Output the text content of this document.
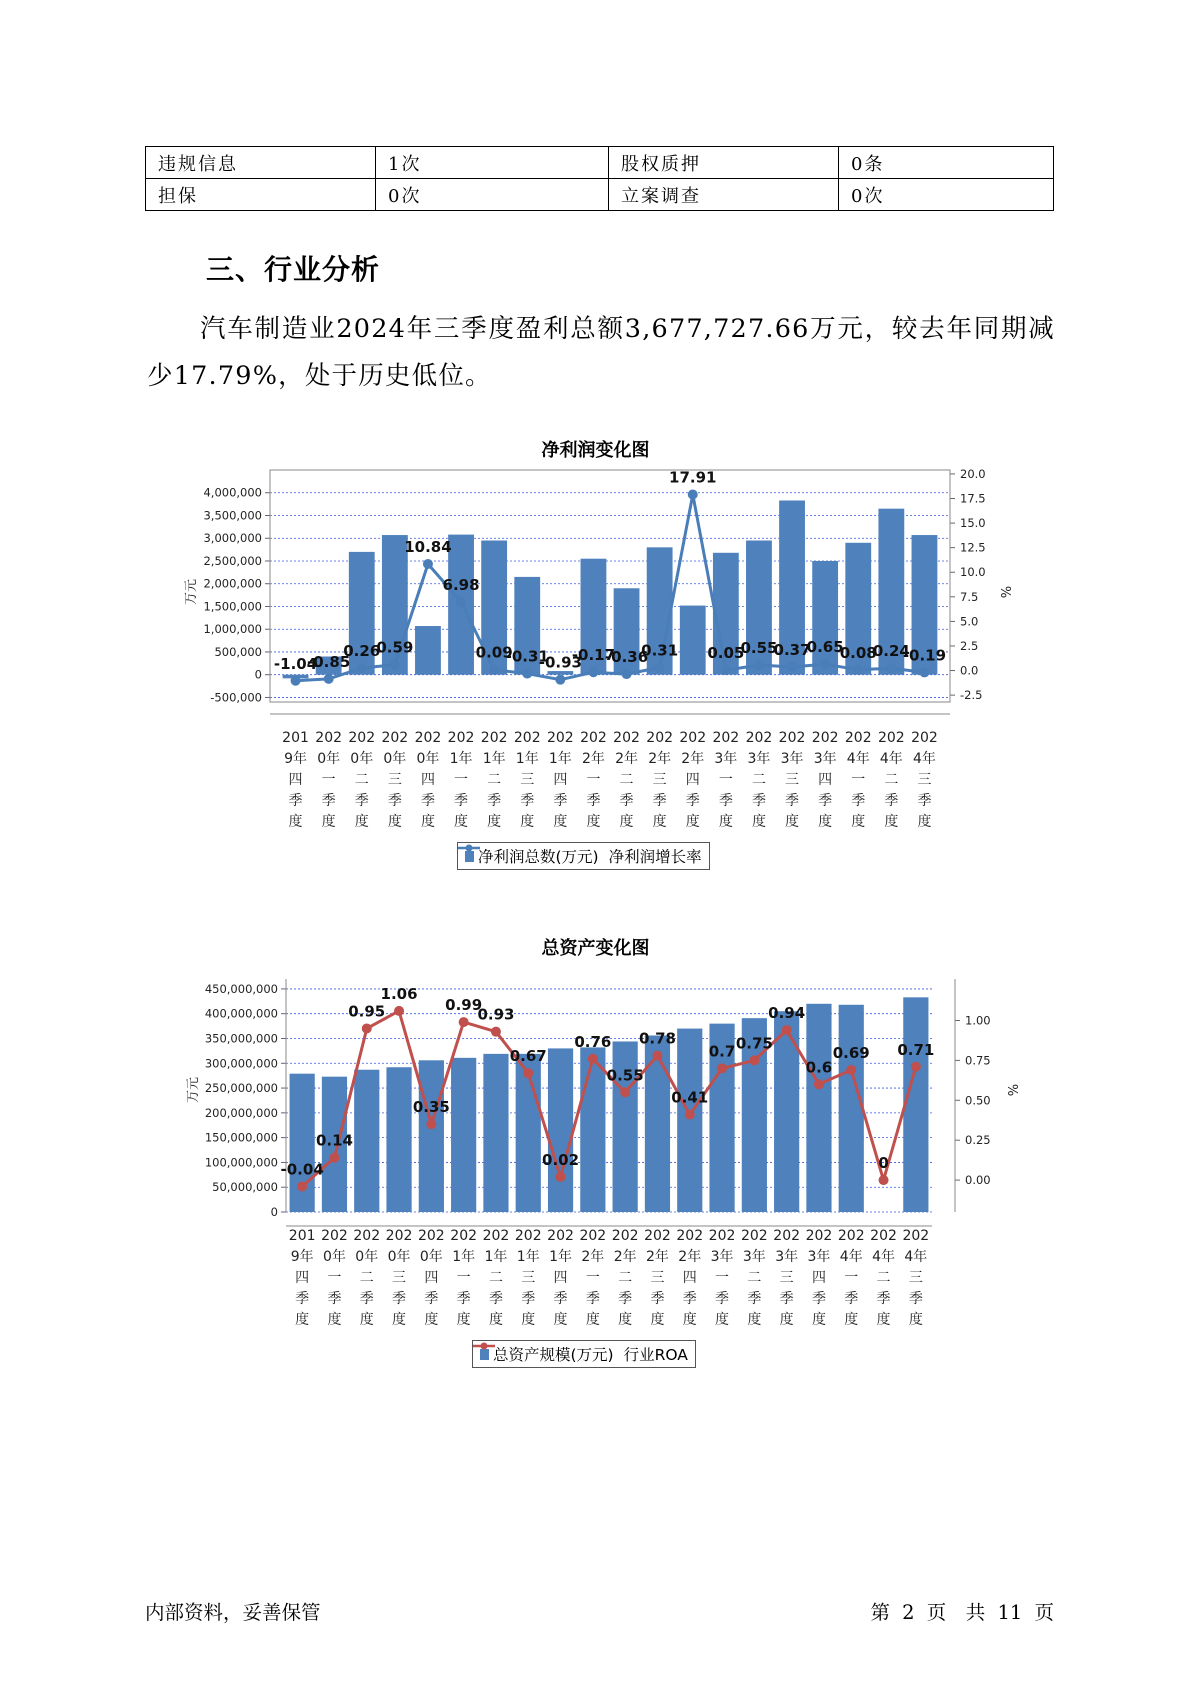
违规信息	1次	股权质押	0条
担保	0次	立案调查	0次
三、行业分析

汽车制造业2024年三季度盈利总额3,677,727.66万元，较去年同期减少17.79%，处于历史低位。

净利润变化图
-500,000
0
500,000
1,000,000
1,500,000
2,000,000
2,500,000
3,000,000
3,500,000
4,000,000
-2.5
0.0
2.5
5.0
7.5
10.0
12.5
15.0
17.5
20.0
万元	%
-1.04
-0.85
0.26
0.59
10.84
6.98
0.09
-0.31
-0.93
-0.17
-0.36
0.31
17.91
0.05
0.55
0.37
0.65
0.08
0.24
-0.19
201
9年
四
季
度
202
0年
一
季
度
202
0年
二
季
度
202
0年
三
季
度
202
0年
四
季
度
202
1年
一
季
度
202
1年
二
季
度
202
1年
三
季
度
202
1年
四
季
度
202
2年
一
季
度
202
2年
二
季
度
202
2年
三
季
度
202
2年
四
季
度
202
3年
一
季
度
202
3年
二
季
度
202
3年
三
季
度
202
3年
四
季
度
202
4年
一
季
度
202
4年
二
季
度
202
4年
三
季
度
净利润总数(万元) 净利润增长率
总资产变化图
0
50,000,000
100,000,000
150,000,000
200,000,000
250,000,000
300,000,000
350,000,000
400,000,000
450,000,000
0.00
0.25
0.50
0.75
1.00
万元	%
-0.04
0.14
0.95
1.06
0.35
0.99
0.93
0.67
0.02
0.76
0.55
0.78
0.41
0.7 0.75
0.94
0.6
0.69
0
0.71
201
9年
四
季
度
202
0年
一
季
度
202
0年
二
季
度
202
0年
三
季
度
202
0年
四
季
度
202
1年
一
季
度
202
1年
二
季
度
202
1年
三
季
度
202
1年
四
季
度
202
2年
一
季
度
202
2年
二
季
度
202
2年
三
季
度
202
2年
四
季
度
202
3年
一
季
度
202
3年
二
季
度
202
3年
三
季
度
202
3年
四
季
度
202
4年
一
季
度
202
4年
二
季
度
202
4年
三
季
度
总资产规模(万元) 行业ROA
内部资料，妥善保管	第 2 页　共 11 页
